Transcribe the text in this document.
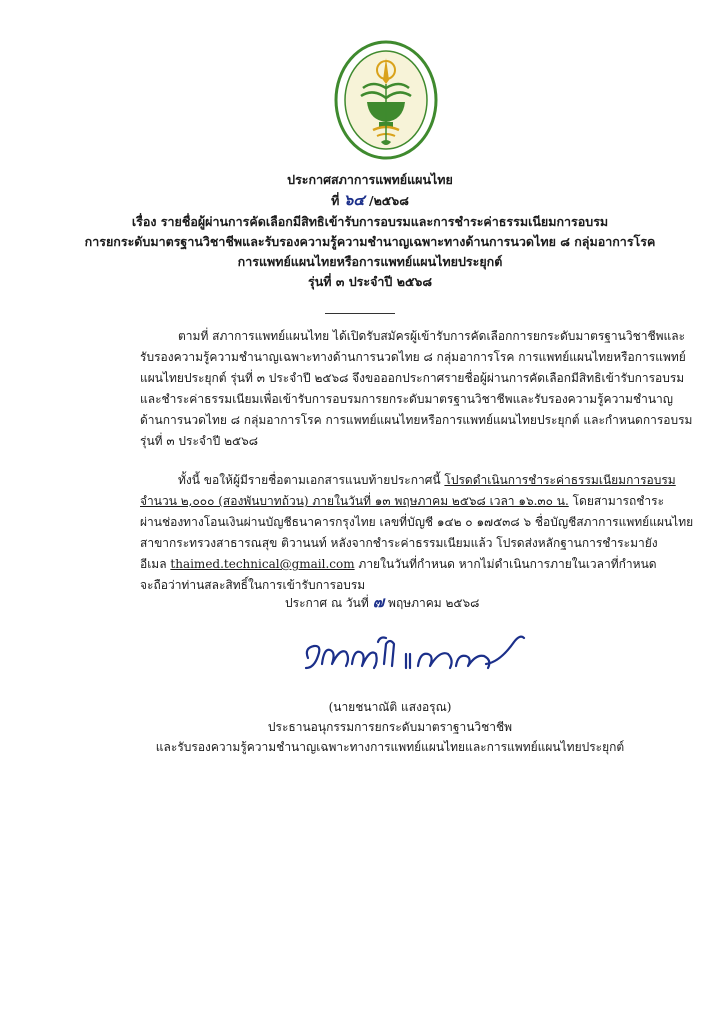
ประกาศสภาการแพทย์แผนไทย
ที่ ๖๔ /๒๕๖๘
เรื่อง รายชื่อผู้ผ่านการคัดเลือกมีสิทธิเข้ารับการอบรมและการชำระค่าธรรมเนียมการอบรม
การยกระดับมาตรฐานวิชาชีพและรับรองความรู้ความชำนาญเฉพาะทางด้านการนวดไทย ๘ กลุ่มอาการโรค
การแพทย์แผนไทยหรือการแพทย์แผนไทยประยุกต์
รุ่นที่ ๓ ประจำปี ๒๕๖๘
ตามที่ สภาการแพทย์แผนไทย ได้เปิดรับสมัครผู้เข้ารับการคัดเลือกการยกระดับมาตรฐานวิชาชีพและ
รับรองความรู้ความชำนาญเฉพาะทางด้านการนวดไทย ๘ กลุ่มอาการโรค การแพทย์แผนไทยหรือการแพทย์
แผนไทยประยุกต์ รุ่นที่ ๓ ประจำปี ๒๕๖๘ จึงขอออกประกาศรายชื่อผู้ผ่านการคัดเลือกมีสิทธิเข้ารับการอบรม
และชำระค่าธรรมเนียมเพื่อเข้ารับการอบรมการยกระดับมาตรฐานวิชาชีพและรับรองความรู้ความชำนาญ
ด้านการนวดไทย ๘ กลุ่มอาการโรค การแพทย์แผนไทยหรือการแพทย์แผนไทยประยุกต์ และกำหนดการอบรม
รุ่นที่ ๓ ประจำปี ๒๕๖๘
ทั้งนี้ ขอให้ผู้มีรายชื่อตามเอกสารแนบท้ายประกาศนี้ โปรดดำเนินการชำระค่าธรรมเนียมการอบรม
จำนวน ๒,๐๐๐ (สองพันบาทถ้วน) ภายในวันที่ ๑๓ พฤษภาคม ๒๕๖๘ เวลา ๑๖.๓๐ น. โดยสามารถชำระ
ผ่านช่องทางโอนเงินผ่านบัญชีธนาคารกรุงไทย เลขที่บัญชี ๑๔๒ ๐ ๑๗๕๓๘ ๖ ชื่อบัญชีสภาการแพทย์แผนไทย
สาขากระทรวงสาธารณสุข ติวานนท์ หลังจากชำระค่าธรรมเนียมแล้ว โปรดส่งหลักฐานการชำระมายัง
อีเมล thaimed.technical@gmail.com ภายในวันที่กำหนด หากไม่ดำเนินการภายในเวลาที่กำหนด
จะถือว่าท่านสละสิทธิ์ในการเข้ารับการอบรม
ประกาศ ณ วันที่ ๗ พฤษภาคม ๒๕๖๘
(นายชนาณัติ แสงอรุณ)
ประธานอนุกรรมการยกระดับมาตราฐานวิชาชีพ
และรับรองความรู้ความชำนาญเฉพาะทางการแพทย์แผนไทยและการแพทย์แผนไทยประยุกต์
